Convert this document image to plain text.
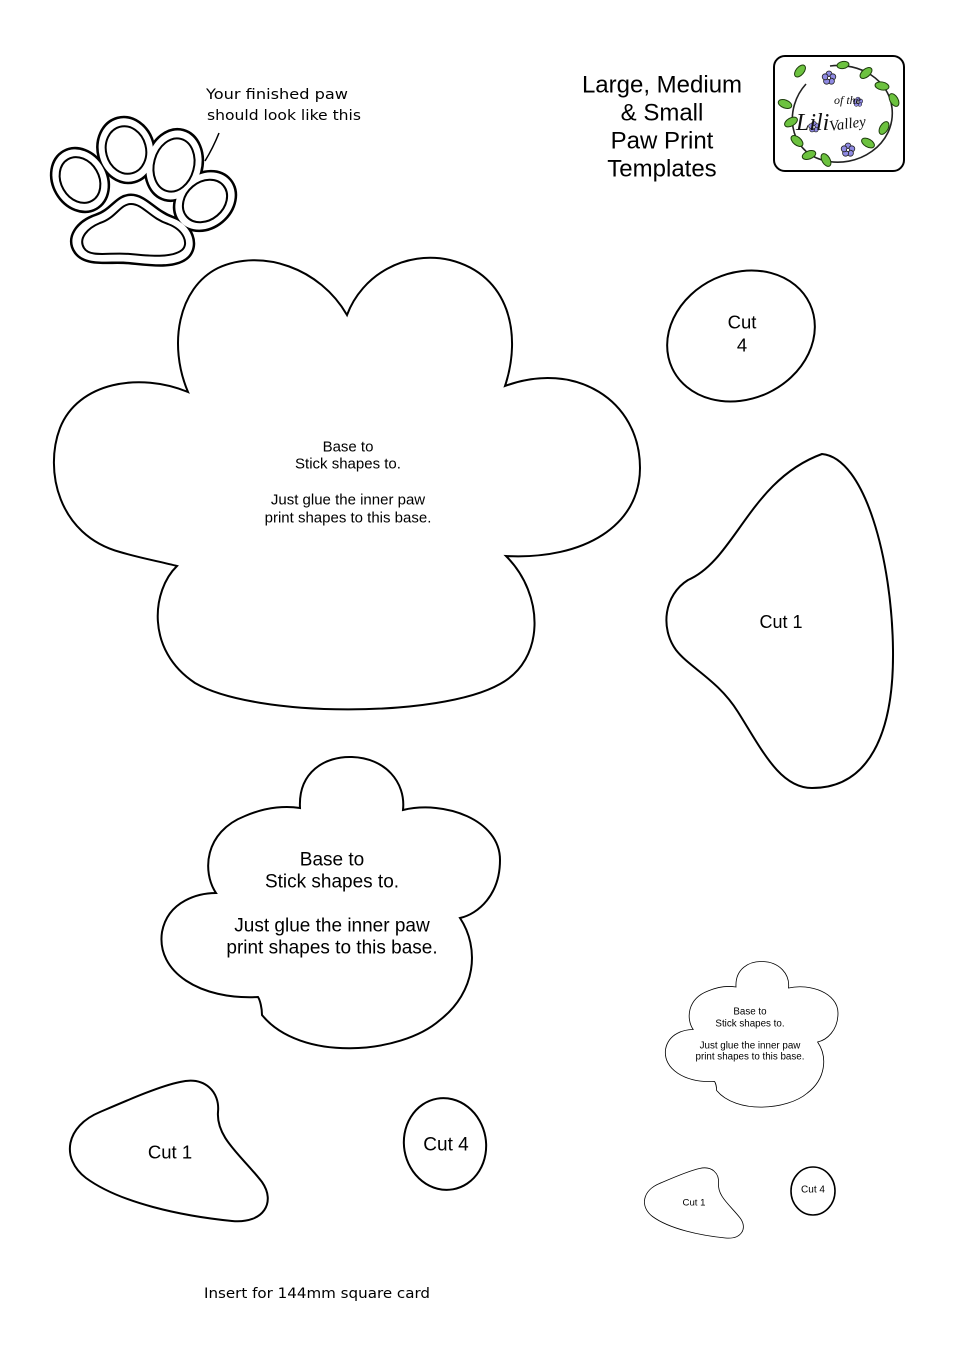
Your finished paw
should look like this
Large, Medium
& Small
Paw Print
Templates
Lili
of the
Valley
Base to
Stick shapes to.
Just glue the inner paw
print shapes to this base.
Cut
4
Cut 1
Base to
Stick shapes to.
Just glue the inner paw
print shapes to this base.
Cut 1	Cut 4
Base to
Stick shapes to.
Just glue the inner paw
print shapes to this base.
Cut 1
Cut 4
Insert for 144mm square card
